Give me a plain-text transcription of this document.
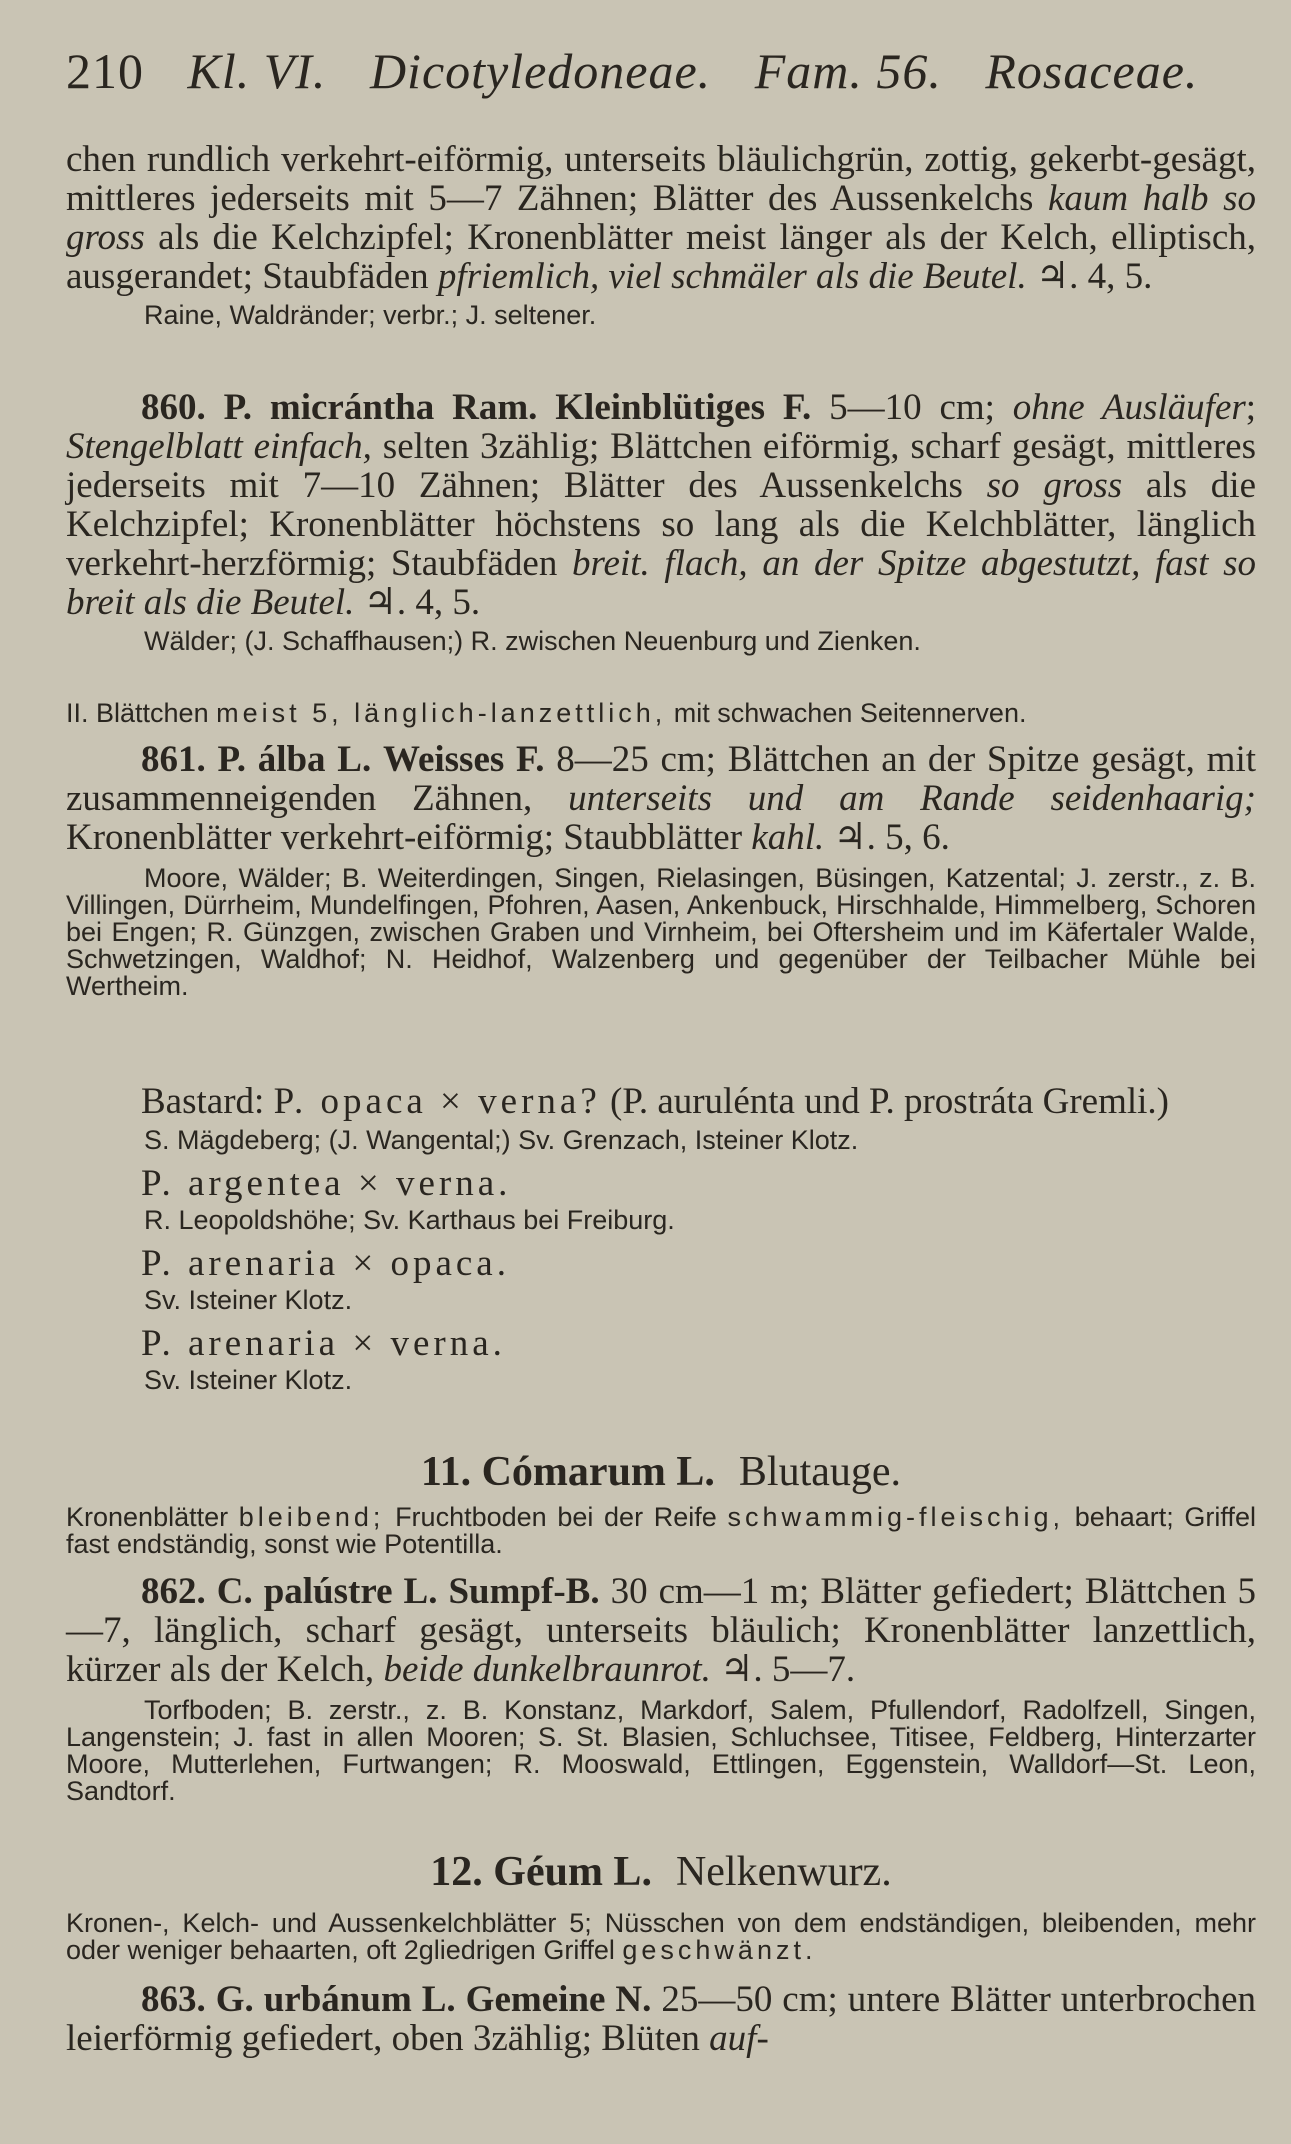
210 Kl. VI. Dicotyledoneae. Fam. 56. Rosaceae.
chen rundlich verkehrt-eiförmig, unterseits bläulichgrün, zottig, gekerbt-gesägt, mittleres jederseits mit 5—7 Zähnen; Blätter des Aussenkelchs kaum halb so gross als die Kelchzipfel; Kronenblätter meist länger als der Kelch, elliptisch, ausgerandet; Staubfäden pfriemlich, viel schmäler als die Beutel. ♃. 4, 5.
Raine, Waldränder; verbr.; J. seltener.
860. P. micrántha Ram. Kleinblütiges F. 5—10 cm; ohne Ausläufer; Stengelblatt einfach, selten 3zählig; Blättchen eiförmig, scharf gesägt, mittleres jederseits mit 7—10 Zähnen; Blätter des Aussenkelchs so gross als die Kelchzipfel; Kronenblätter höchstens so lang als die Kelchblätter, länglich verkehrt-herzförmig; Staubfäden breit. flach, an der Spitze abgestutzt, fast so breit als die Beutel. ♃. 4, 5.
Wälder; (J. Schaffhausen;) R. zwischen Neuenburg und Zienken.
II. Blättchen meist 5, länglich-lanzettlich, mit schwachen Seitennerven.
861. P. álba L. Weisses F. 8—25 cm; Blättchen an der Spitze gesägt, mit zusammenneigenden Zähnen, unterseits und am Rande seidenhaarig; Kronenblätter verkehrt-eiförmig; Staubblätter kahl. ♃. 5, 6.
Moore, Wälder; B. Weiterdingen, Singen, Rielasingen, Büsingen, Katzental; J. zerstr., z. B. Villingen, Dürrheim, Mundelfingen, Pfohren, Aasen, Ankenbuck, Hirschhalde, Himmelberg, Schoren bei Engen; R. Günzgen, zwischen Graben und Virnheim, bei Oftersheim und im Käfertaler Walde, Schwetzingen, Waldhof; N. Heidhof, Walzenberg und gegenüber der Teilbacher Mühle bei Wertheim.
Bastard: P. opaca × verna? (P. aurulénta und P. prostráta Gremli.)
S. Mägdeberg; (J. Wangental;) Sv. Grenzach, Isteiner Klotz.
P. argentea × verna.
R. Leopoldshöhe; Sv. Karthaus bei Freiburg.
P. arenaria × opaca.
Sv. Isteiner Klotz.
P. arenaria × verna.
Sv. Isteiner Klotz.
11. Cómarum L. Blutauge.
Kronenblätter bleibend; Fruchtboden bei der Reife schwammig-fleischig, behaart; Griffel fast endständig, sonst wie Potentilla.
862. C. palústre L. Sumpf-B. 30 cm—1 m; Blätter gefiedert; Blättchen 5—7, länglich, scharf gesägt, unterseits bläulich; Kronenblätter lanzettlich, kürzer als der Kelch, beide dunkelbraunrot. ♃. 5—7.
Torfboden; B. zerstr., z. B. Konstanz, Markdorf, Salem, Pfullendorf, Radolfzell, Singen, Langenstein; J. fast in allen Mooren; S. St. Blasien, Schluchsee, Titisee, Feldberg, Hinterzarter Moore, Mutterlehen, Furtwangen; R. Mooswald, Ettlingen, Eggenstein, Walldorf—St. Leon, Sandtorf.
12. Géum L. Nelkenwurz.
Kronen-, Kelch- und Aussenkelchblätter 5; Nüsschen von dem endständigen, bleibenden, mehr oder weniger behaarten, oft 2gliedrigen Griffel geschwänzt.
863. G. urbánum L. Gemeine N. 25—50 cm; untere Blätter unterbrochen leierförmig gefiedert, oben 3zählig; Blüten auf-
